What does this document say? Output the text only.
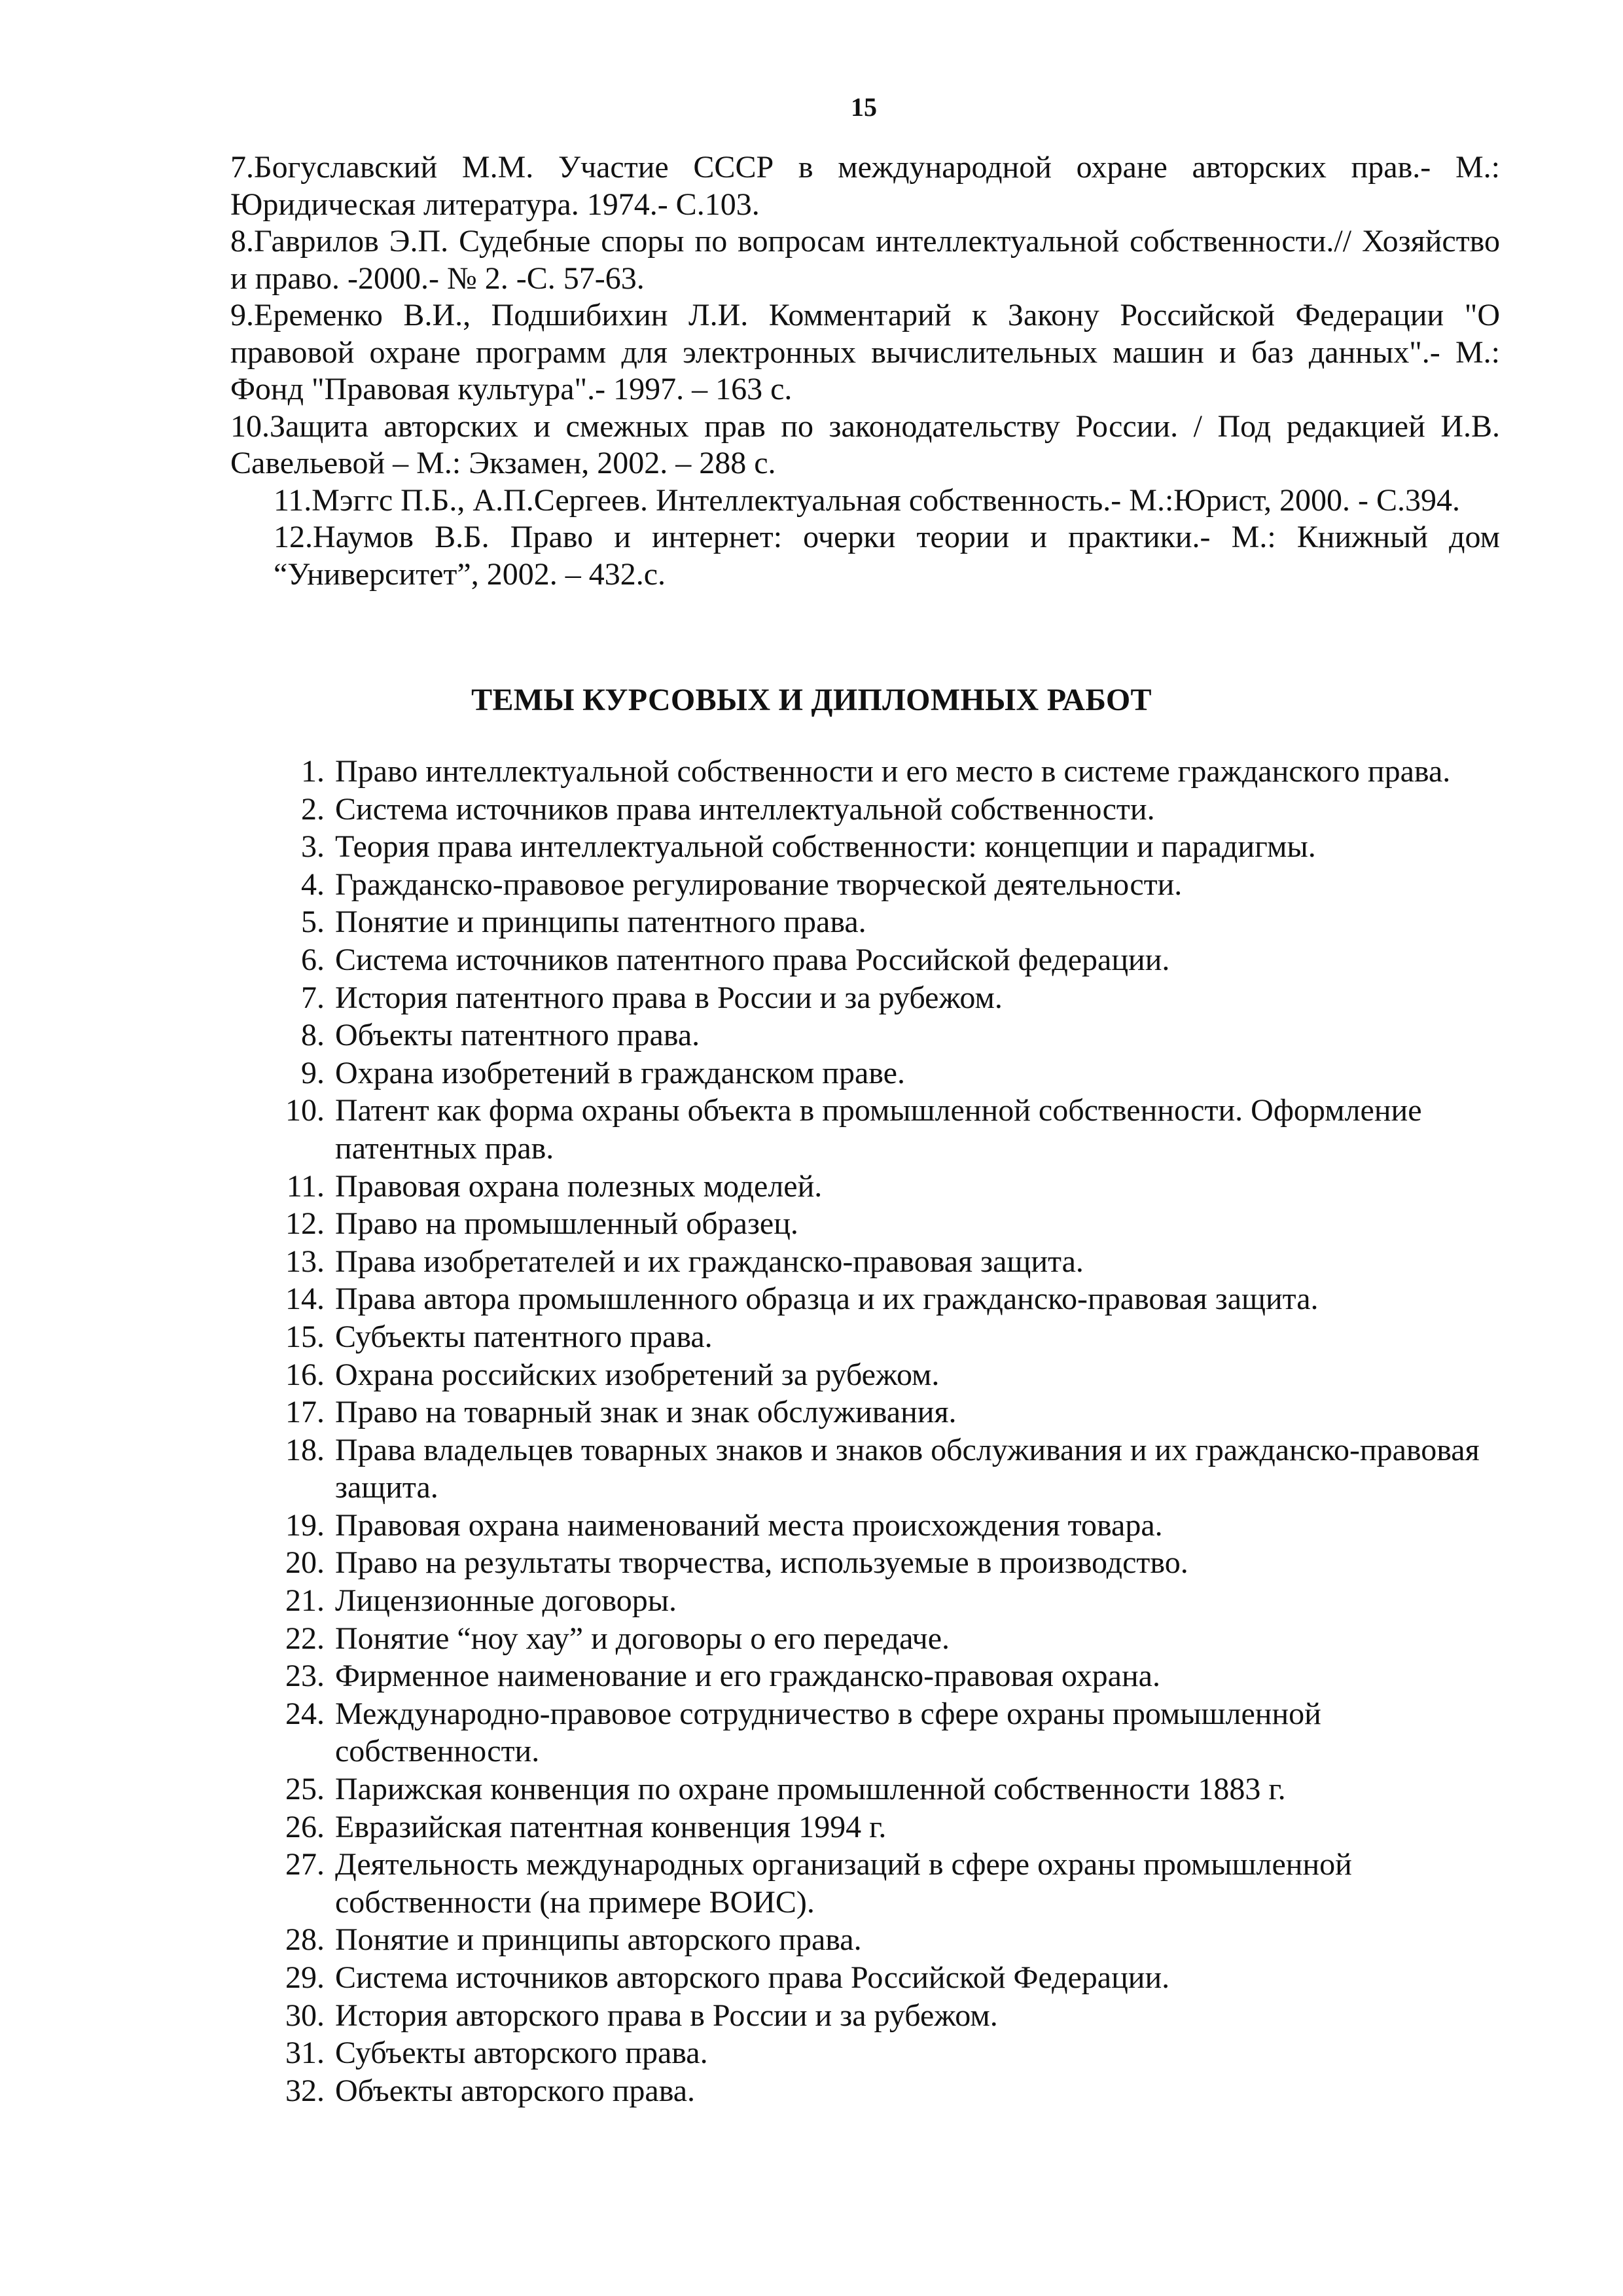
15

7.Богуславский М.М. Участие СССР в международной охране авторских прав.- М.: Юридическая литература. 1974.- С.103.

8.Гаврилов Э.П. Судебные споры по вопросам интеллектуальной собственности.// Хозяйство и право. -2000.- № 2. -С. 57-63.

9.Еременко В.И., Подшибихин Л.И. Комментарий к Закону Российской Федерации "О правовой охране программ для электронных вычислительных машин и баз данных".- М.: Фонд "Правовая культура".- 1997. – 163 с.

10.Защита авторских и смежных прав по законодательству России. / Под редакцией И.В. Савельевой – М.: Экзамен, 2002. – 288 с.

11.Мэггс П.Б., А.П.Сергеев. Интеллектуальная собственность.- М.:Юрист, 2000. - С.394.

12.Наумов В.Б. Право и интернет: очерки теории и практики.- М.: Книжный дом “Университет”, 2002. – 432.с.

ТЕМЫ КУРСОВЫХ И ДИПЛОМНЫХ РАБОТ
1. Право интеллектуальной собственности и его место в системе гражданского права.
2. Система источников права интеллектуальной собственности.
3. Теория права интеллектуальной собственности: концепции и парадигмы.
4. Гражданско-правовое регулирование творческой деятельности.
5. Понятие и принципы патентного права.
6. Система источников патентного права Российской федерации.
7. История патентного права в России и за рубежом.
8. Объекты патентного права.
9. Охрана изобретений в гражданском праве.
10. Патент как форма охраны объекта в промышленной собственности. Оформление патентных прав.
11. Правовая охрана полезных моделей.
12. Право на промышленный образец.
13. Права изобретателей и их гражданско-правовая защита.
14. Права автора промышленного образца и их гражданско-правовая защита.
15. Субъекты патентного права.
16. Охрана российских изобретений за рубежом.
17. Право на товарный знак и знак обслуживания.
18. Права владельцев товарных знаков и знаков обслуживания и их гражданско-правовая защита.
19. Правовая охрана наименований места происхождения товара.
20. Право на результаты творчества, используемые в производство.
21. Лицензионные договоры.
22. Понятие “ноу хау” и договоры о его передаче.
23. Фирменное наименование и его гражданско-правовая охрана.
24. Международно-правовое сотрудничество в сфере охраны промышленной собственности.
25. Парижская конвенция по охране промышленной собственности 1883 г.
26. Евразийская патентная конвенция 1994 г.
27. Деятельность международных организаций в сфере охраны промышленной собственности (на примере ВОИС).
28. Понятие и принципы авторского права.
29. Система источников авторского права Российской Федерации.
30. История авторского права в России и за рубежом.
31. Субъекты авторского права.
32. Объекты авторского права.
